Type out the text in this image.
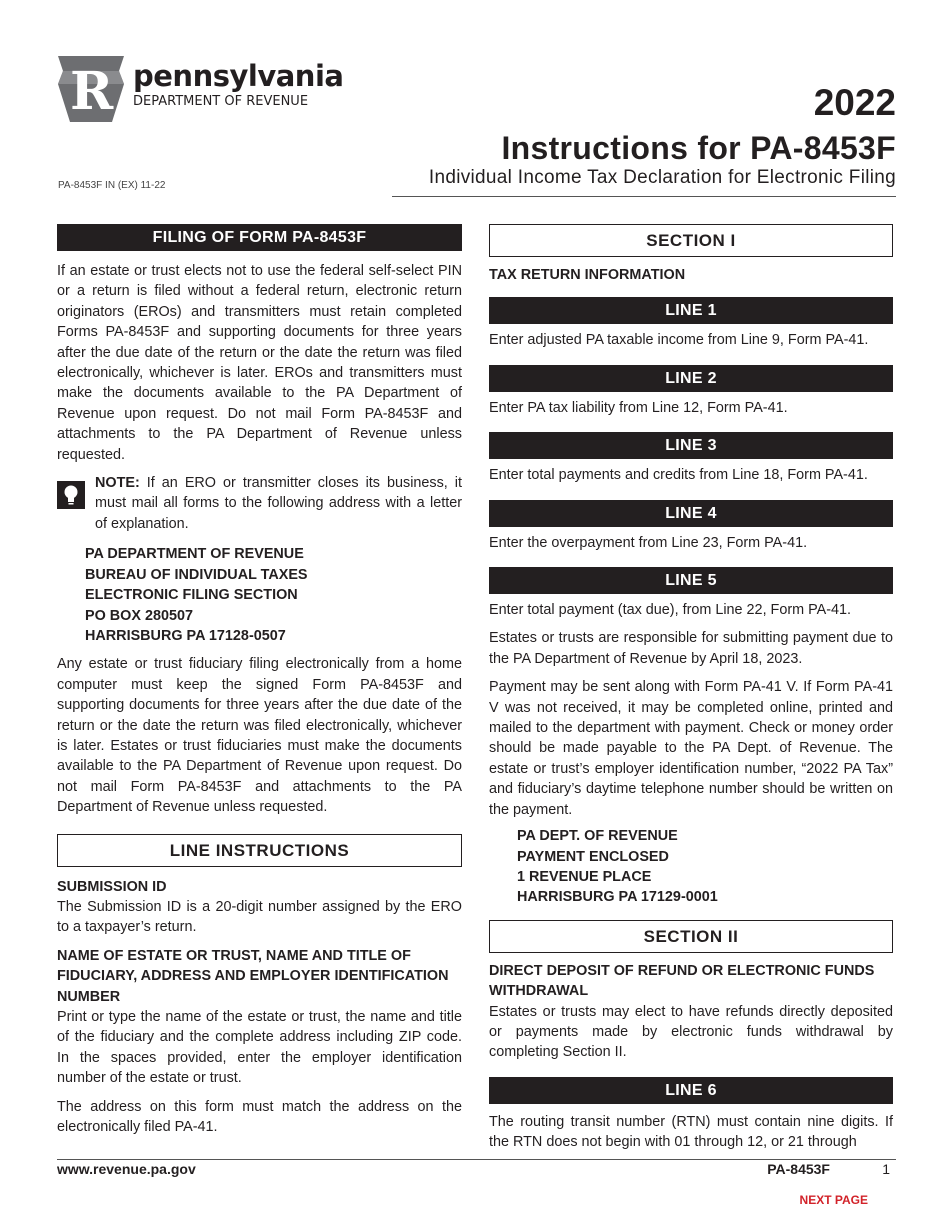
R pennsylvania
DEPARTMENT OF REVENUE	2022
Instructions for PA-8453F
Individual Income Tax Declaration for Electronic Filing
PA-8453F IN (EX) 11-22
FILING OF FORM PA-8453F

If an estate or trust elects not to use the federal self-select PIN or a return is filed without a federal return, electronic return originators (EROs) and transmitters must retain completed Forms PA-8453F and supporting documents for three years after the due date of the return or the date the return was filed electronically, whichever is later. EROs and transmitters must make the documents available to the PA Department of Revenue upon request. Do not mail Form PA-8453F and attachments to the PA Department of Revenue unless requested.

NOTE: If an ERO or transmitter closes its business, it must mail all forms to the following address with a letter of explanation.

PA DEPARTMENT OF REVENUE
BUREAU OF INDIVIDUAL TAXES
ELECTRONIC FILING SECTION
PO BOX 280507
HARRISBURG PA 17128-0507

Any estate or trust fiduciary filing electronically from a home computer must keep the signed Form PA-8453F and supporting documents for three years after the due date of the return or the date the return was filed electronically, whichever is later. Estates or trust fiduciaries must make the documents available to the PA Department of Revenue upon request. Do not mail Form PA-8453F and attachments to the PA Department of Revenue unless requested.

LINE INSTRUCTIONS
SUBMISSION ID

The Submission ID is a 20-digit number assigned by the ERO to a taxpayer’s return.

NAME OF ESTATE OR TRUST, NAME AND TITLE OF FIDUCIARY, ADDRESS AND EMPLOYER IDENTIFICATION NUMBER

Print or type the name of the estate or trust, the name and title of the fiduciary and the complete address including ZIP code. In the spaces provided, enter the employer identification number of the estate or trust.

The address on this form must match the address on the electronically filed PA-41.

SECTION I
TAX RETURN INFORMATION
LINE 1

Enter adjusted PA taxable income from Line 9, Form PA-41.

LINE 2

Enter PA tax liability from Line 12, Form PA-41.

LINE 3

Enter total payments and credits from Line 18, Form PA-41.

LINE 4

Enter the overpayment from Line 23, Form PA-41.

LINE 5

Enter total payment (tax due), from Line 22, Form PA-41.

Estates or trusts are responsible for submitting payment due to the PA Department of Revenue by April 18, 2023.

Payment may be sent along with Form PA-41 V. If Form PA-41 V was not received, it may be completed online, printed and mailed to the department with payment. Check or money order should be made payable to the PA Dept. of Revenue. The estate or trust’s employer identification number, “2022 PA Tax” and fiduciary’s daytime telephone number should be written on the payment.

PA DEPT. OF REVENUE
PAYMENT ENCLOSED
1 REVENUE PLACE
HARRISBURG PA 17129-0001
SECTION II
DIRECT DEPOSIT OF REFUND OR ELECTRONIC FUNDS WITHDRAWAL

Estates or trusts may elect to have refunds directly deposited or payments made by electronic funds withdrawal by completing Section II.

LINE 6

The routing transit number (RTN) must contain nine digits. If the RTN does not begin with 01 through 12, or 21 through

www.revenue.pa.gov	PA-8453F	1
NEXT PAGE
